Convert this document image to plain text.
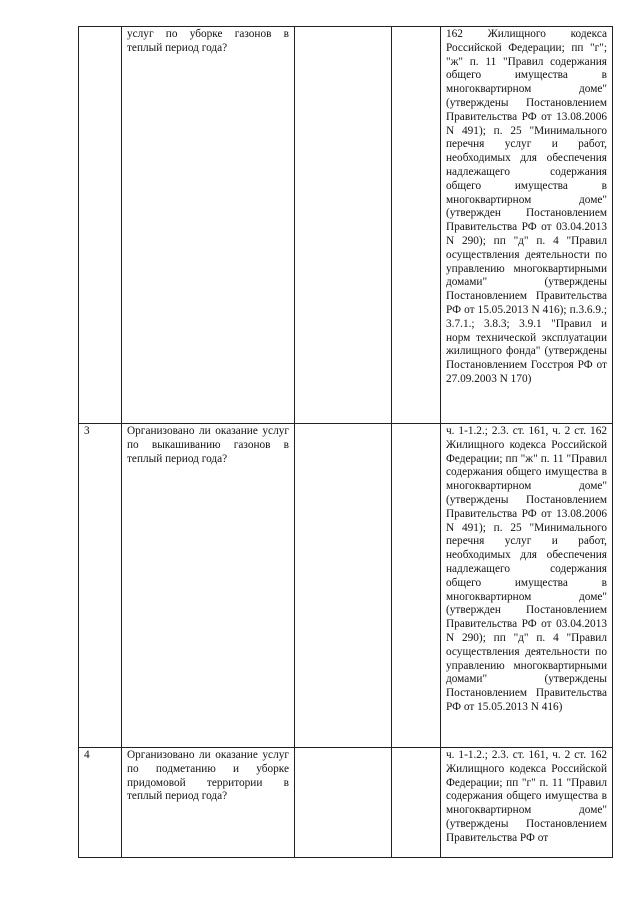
	услуг по уборке газонов в теплый период года?			162 Жилищного кодекса Российской Федерации; пп "г"; "ж" п. 11 "Правил содержания общего имущества в многоквартирном доме" (утверждены Постановлением Правительства РФ от 13.08.2006 N 491); п. 25 "Минимального перечня услуг и работ, необходимых для обеспечения надлежащего содержания общего имущества в многоквартирном доме" (утвержден Постановлением Правительства РФ от 03.04.2013 N 290); пп "д" п. 4 "Правил осуществления деятельности по управлению многоквартирными домами" (утверждены Постановлением Правительства РФ от 15.05.2013 N 416); п.3.6.9.; 3.7.1.; 3.8.3; 3.9.1 "Правил и норм технической эксплуатации жилищного фонда" (утверждены Постановлением Госстроя РФ от 27.09.2003 N 170)
3	Организовано ли оказание услуг по выкашиванию газонов в теплый период года?			ч. 1-1.2.; 2.3. ст. 161, ч. 2 ст. 162 Жилищного кодекса Российской Федерации; пп "ж" п. 11 "Правил содержания общего имущества в многоквартирном доме" (утверждены Постановлением Правительства РФ от 13.08.2006 N 491); п. 25 "Минимального перечня услуг и работ, необходимых для обеспечения надлежащего содержания общего имущества в многоквартирном доме" (утвержден Постановлением Правительства РФ от 03.04.2013 N 290); пп "д" п. 4 "Правил осуществления деятельности по управлению многоквартирными домами" (утверждены Постановлением Правительства РФ от 15.05.2013 N 416)
4	Организовано ли оказание услуг по подметанию и уборке придомовой территории в теплый период года?			ч. 1-1.2.; 2.3. ст. 161, ч. 2 ст. 162 Жилищного кодекса Российской Федерации; пп "г" п. 11 "Правил содержания общего имущества в многоквартирном доме" (утверждены Постановлением Правительства РФ от
